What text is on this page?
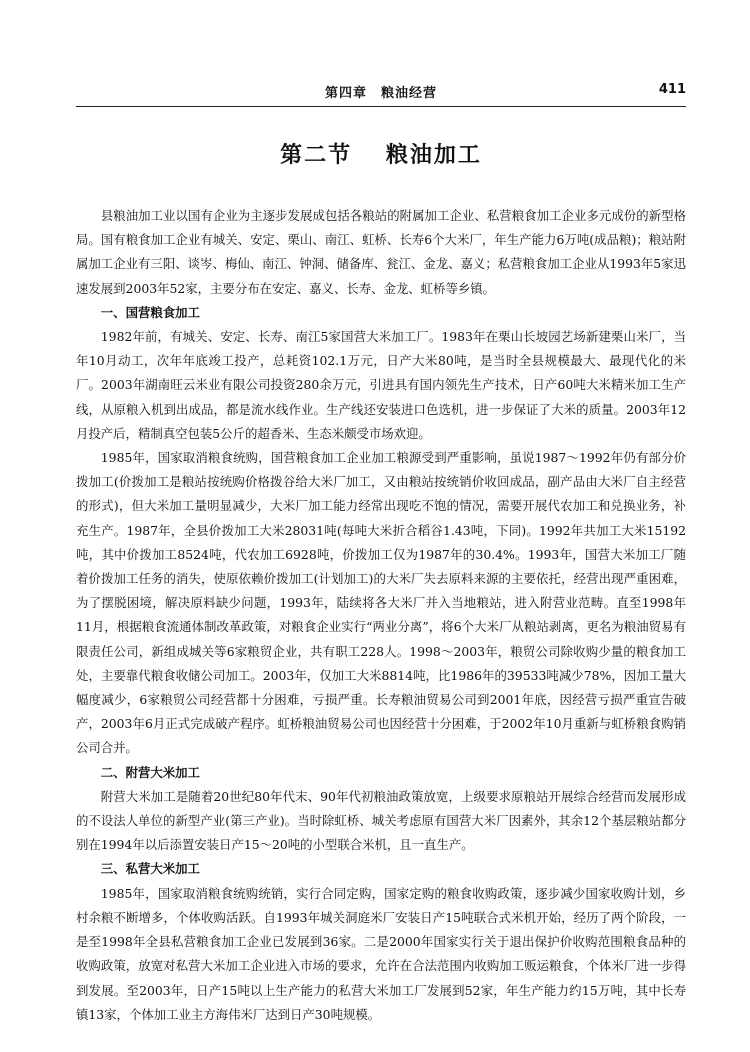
第四章　粮油经营	411
第二节　 粮油加工

县粮油加工业以国有企业为主逐步发展成包括各粮站的附属加工企业、私营粮食加工企业多元成份的新型格局。国有粮食加工企业有城关、安定、栗山、南江、虹桥、长寿6个大米厂，年生产能力6万吨(成品粮)；粮站附属加工企业有三阳、谈岑、梅仙、南江、钟洞、储备库、瓮江、金龙、嘉义；私营粮食加工企业从1993年5家迅速发展到2003年52家，主要分布在安定、嘉义、长寿、金龙、虹桥等乡镇。

一、国营粮食加工

1982年前，有城关、安定、长寿、南江5家国营大米加工厂。1983年在栗山长坡园艺场新建栗山米厂，当年10月动工，次年年底竣工投产，总耗资102.1万元，日产大米80吨，是当时全县规模最大、最现代化的米厂。2003年湖南旺云米业有限公司投资280余万元，引进具有国内领先生产技术，日产60吨大米精米加工生产线，从原粮入机到出成品，都是流水线作业。生产线还安装进口色选机，进一步保证了大米的质量。2003年12月投产后，精制真空包装5公斤的超香米、生态米颇受市场欢迎。

1985年，国家取消粮食统购，国营粮食加工企业加工粮源受到严重影响，虽说1987～1992年仍有部分价拨加工(价拨加工是粮站按统购价格拨谷给大米厂加工，又由粮站按统销价收回成品，副产品由大米厂自主经营的形式)，但大米加工量明显减少，大米厂加工能力经常出现吃不饱的情况，需要开展代农加工和兑换业务，补充生产。1987年，全县价拨加工大米28031吨(每吨大米折合稻谷1.43吨，下同)。1992年共加工大米15192吨，其中价拨加工8524吨，代农加工6928吨，价拨加工仅为1987年的30.4%。1993年，国营大米加工厂随着价拨加工任务的消失，使原依赖价拨加工(计划加工)的大米厂失去原料来源的主要依托，经营出现严重困难，为了摆脱困境，解决原料缺少问题，1993年，陆续将各大米厂并入当地粮站，进入附营业范畴。直至1998年11月，根据粮食流通体制改革政策，对粮食企业实行“两业分离”，将6个大米厂从粮站剥离，更名为粮油贸易有限责任公司，新组成城关等6家粮贸企业，共有职工228人。1998～2003年，粮贸公司除收购少量的粮食加工处，主要靠代粮食收储公司加工。2003年，仅加工大米8814吨，比1986年的39533吨减少78%，因加工量大幅度减少，6家粮贸公司经营都十分困难，亏损严重。长寿粮油贸易公司到2001年底，因经营亏损严重宣告破产，2003年6月正式完成破产程序。虹桥粮油贸易公司也因经营十分困难，于2002年10月重新与虹桥粮食购销公司合并。

二、附营大米加工

附营大米加工是随着20世纪80年代末、90年代初粮油政策放宽，上级要求原粮站开展综合经营而发展形成的不设法人单位的新型产业(第三产业)。当时除虹桥、城关考虑原有国营大米厂因素外，其余12个基层粮站都分别在1994年以后添置安装日产15～20吨的小型联合米机，且一直生产。

三、私营大米加工

1985年，国家取消粮食统购统销，实行合同定购，国家定购的粮食收购政策，逐步减少国家收购计划，乡村余粮不断增多，个体收购活跃。自1993年城关洞庭米厂安装日产15吨联合式米机开始，经历了两个阶段，一是至1998年全县私营粮食加工企业已发展到36家。二是2000年国家实行关于退出保护价收购范围粮食品种的收购政策，放宽对私营大米加工企业进入市场的要求，允许在合法范围内收购加工贩运粮食，个体米厂进一步得到发展。至2003年，日产15吨以上生产能力的私营大米加工厂发展到52家，年生产能力约15万吨，其中长寿镇13家，个体加工业主方海伟米厂达到日产30吨规模。
